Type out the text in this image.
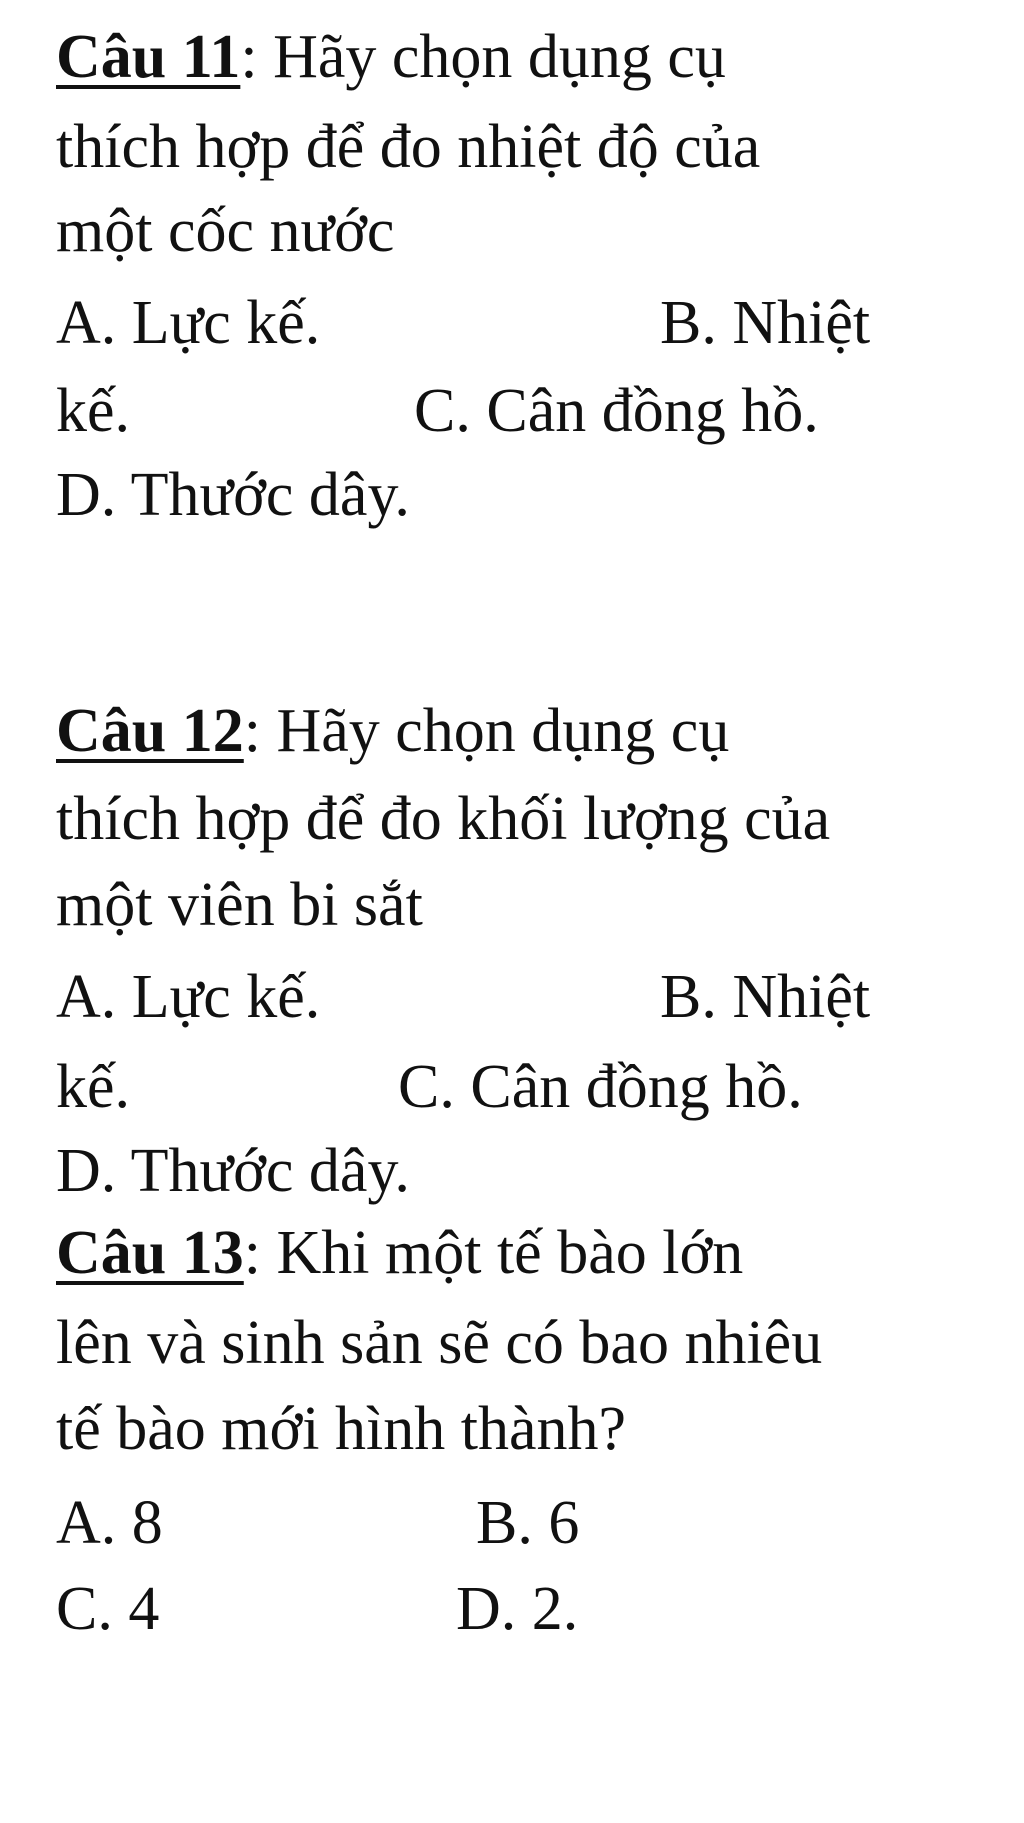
Câu 11: Hãy chọn dụng cụ
thích hợp để đo nhiệt độ của
một cốc nước
A. Lực kế.	B. Nhiệt
kế.	C. Cân đồng hồ.
D. Thước dây.
Câu 12: Hãy chọn dụng cụ
thích hợp để đo khối lượng của
một viên bi sắt
A. Lực kế.	B. Nhiệt
kế.	C. Cân đồng hồ.
D. Thước dây.
Câu 13: Khi một tế bào lớn
lên và sinh sản sẽ có bao nhiêu
tế bào mới hình thành?
A. 8	B. 6
C. 4	D. 2.
